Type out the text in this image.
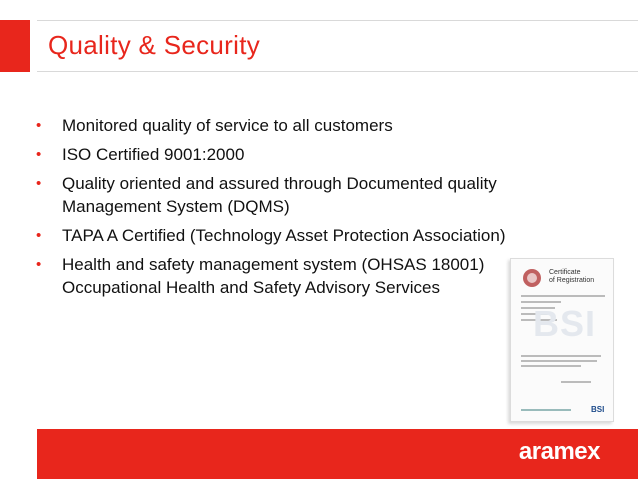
Quality & Security
• Monitored quality of service to all customers
• ISO Certified 9001:2000
• Quality oriented and assured through Documented quality Management System (DQMS)
• TAPA A Certified (Technology Asset Protection Association)
• Health and safety management system (OHSAS 18001) Occupational Health and Safety Advisory Services
Certificate
of Registration
BSI
BSI
aramex
